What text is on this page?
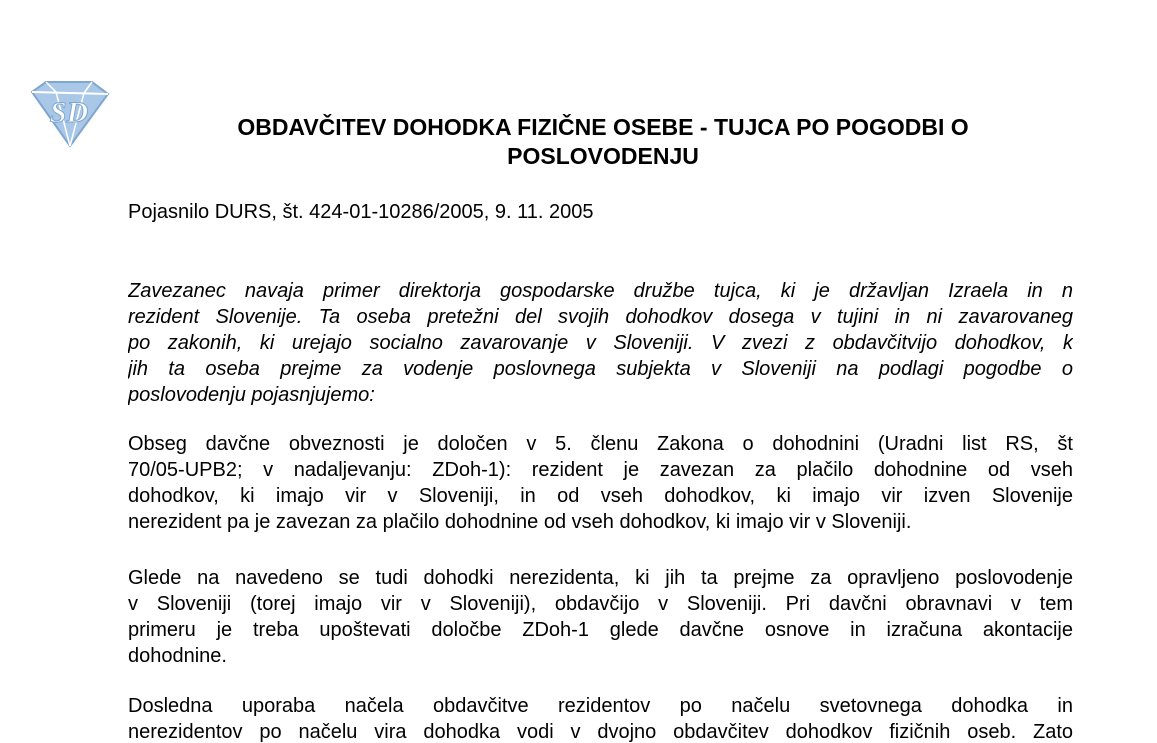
SD	OBDAVČITEV DOHODKA FIZIČNE OSEBE - TUJCA PO POGODBI O
POSLOVODENJU

Pojasnilo DURS, št. 424-01-10286/2005, 9. 11. 2005

Zavezanec navaja primer direktorja gospodarske družbe tujca, ki je državljan Izraela in n
rezident Slovenije. Ta oseba pretežni del svojih dohodkov dosega v tujini in ni zavarovaneg
po zakonih, ki urejajo socialno zavarovanje v Sloveniji. V zvezi z obdavčitvijo dohodkov, k
jih ta oseba prejme za vodenje poslovnega subjekta v Sloveniji na podlagi pogodbe o
poslovodenju pojasnjujemo:

Obseg davčne obveznosti je določen v 5. členu Zakona o dohodnini (Uradni list RS, št
70/05-UPB2; v nadaljevanju: ZDoh-1): rezident je zavezan za plačilo dohodnine od vseh
dohodkov, ki imajo vir v Sloveniji, in od vseh dohodkov, ki imajo vir izven Slovenije
nerezident pa je zavezan za plačilo dohodnine od vseh dohodkov, ki imajo vir v Sloveniji.

Glede na navedeno se tudi dohodki nerezidenta, ki jih ta prejme za opravljeno poslovodenje
v Sloveniji (torej imajo vir v Sloveniji), obdavčijo v Sloveniji. Pri davčni obravnavi v tem
primeru je treba upoštevati določbe ZDoh-1 glede davčne osnove in izračuna akontacije
dohodnine.

Dosledna uporaba načela obdavčitve rezidentov po načelu svetovnega dohodka in
nerezidentov po načelu vira dohodka vodi v dvojno obdavčitev dohodkov fizičnih oseb. Zato
